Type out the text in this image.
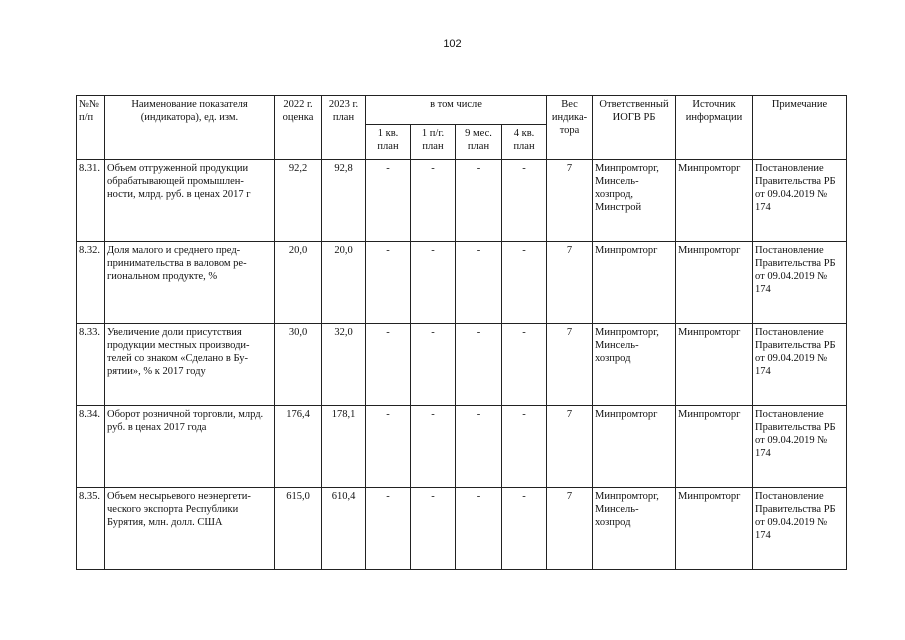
102
№№ п/п	Наименование показателя (индикатора), ед. изм.	2022 г. оценка	2023 г. план	в том числе				Вес индика-тора	Ответственный ИОГВ РБ	Источник информации	Примечание
				1 кв. план	1 п/г. план	9 мес. план	4 кв. план				
8.31.	Объем отгруженной продукции обрабатывающей промышлен-ности, млрд. руб. в ценах 2017 г	92,2	92,8	-	-	-	-	7	Минпромторг, Минсель-хозпрод, Минстрой	Минпромторг	Постановление Правительства РБ от 09.04.2019 № 174
8.32.	Доля малого и среднего пред-принимательства в валовом ре-гиональном продукте, %	20,0	20,0	-	-	-	-	7	Минпромторг	Минпромторг	Постановление Правительства РБ от 09.04.2019 № 174
8.33.	Увеличение доли присутствия продукции местных производи-телей со знаком «Сделано в Бу-рятии», % к 2017 году	30,0	32,0	-	-	-	-	7	Минпромторг, Минсель-хозпрод	Минпромторг	Постановление Правительства РБ от 09.04.2019 № 174
8.34.	Оборот розничной торговли, млрд. руб. в ценах 2017 года	176,4	178,1	-	-	-	-	7	Минпромторг	Минпромторг	Постановление Правительства РБ от 09.04.2019 № 174
8.35.	Объем несырьевого неэнергети-ческого экспорта Республики Бурятия, млн. долл. США	615,0	610,4	-	-	-	-	7	Минпромторг, Минсель-хозпрод	Минпромторг	Постановление Правительства РБ от 09.04.2019 № 174
